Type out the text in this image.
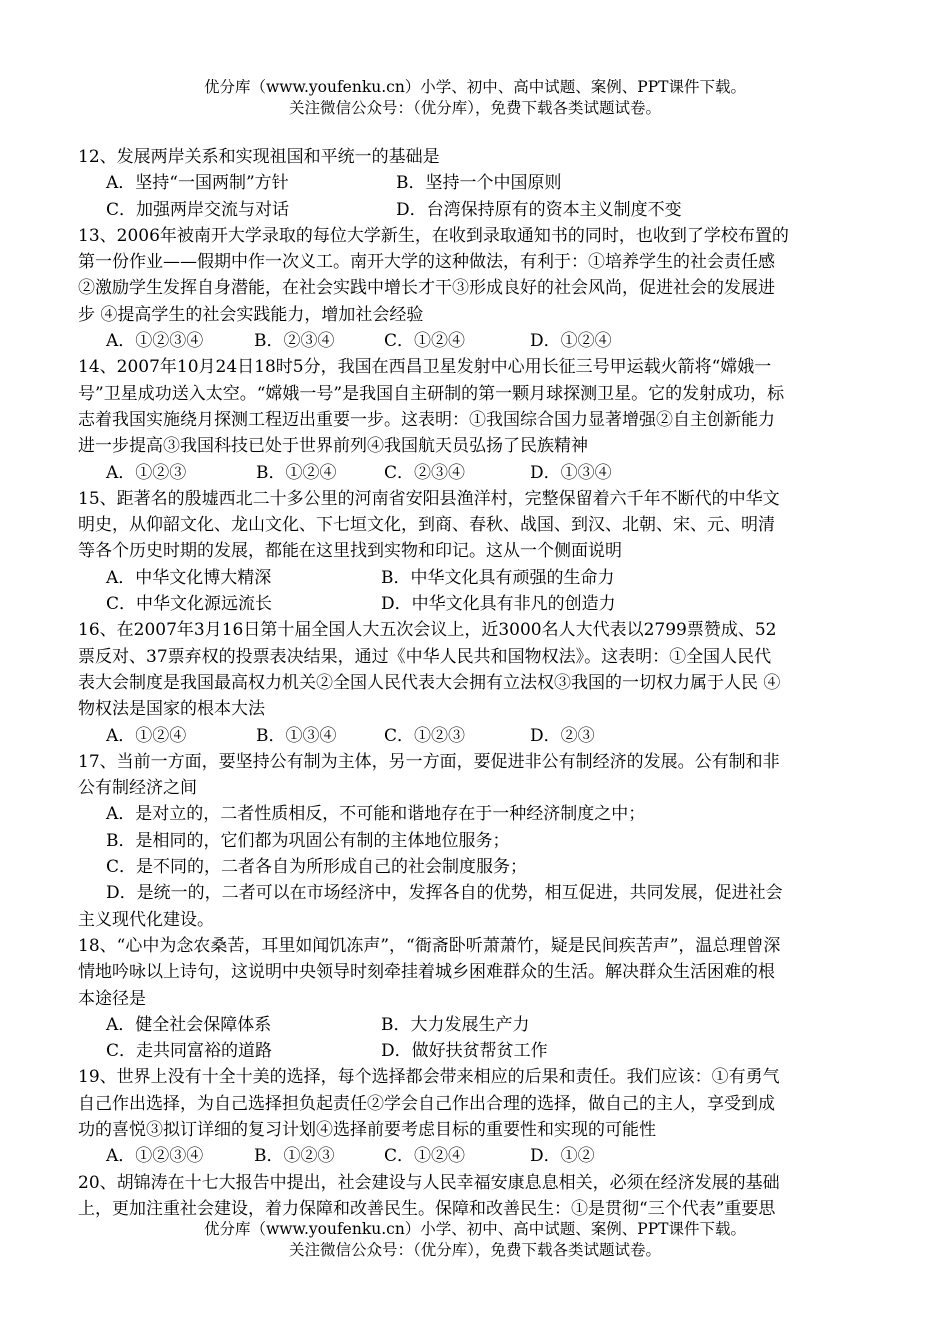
优分库（www.youfenku.cn）小学、初中、高中试题、案例、PPT课件下载。
关注微信公众号：（优分库），免费下载各类试题试卷。
12、发展两岸关系和实现祖国和平统一的基础是
A．坚持“一国两制”方针	B．坚持一个中国原则
C．加强两岸交流与对话	D．台湾保持原有的资本主义制度不变
13、2006年被南开大学录取的每位大学新生，在收到录取通知书的同时，也收到了学校布置的
第一份作业——假期中作一次义工。南开大学的这种做法，有利于：①培养学生的社会责任感
②激励学生发挥自身潜能，在社会实践中增长才干③形成良好的社会风尚，促进社会的发展进
步 ④提高学生的社会实践能力，增加社会经验
A．①②③④	B．②③④	C．①②④	D．①②④
14、2007年10月24日18时5分，我国在西昌卫星发射中心用长征三号甲运载火箭将“嫦娥一
号”卫星成功送入太空。“嫦娥一号”是我国自主研制的第一颗月球探测卫星。它的发射成功，标
志着我国实施绕月探测工程迈出重要一步。这表明：①我国综合国力显著增强②自主创新能力
进一步提高③我国科技已处于世界前列④我国航天员弘扬了民族精神
A．①②③	B．①②④	C．②③④	D．①③④
15、距著名的殷墟西北二十多公里的河南省安阳县渔洋村，完整保留着六千年不断代的中华文
明史，从仰韶文化、龙山文化、下七垣文化，到商、春秋、战国、到汉、北朝、宋、元、明清
等各个历史时期的发展，都能在这里找到实物和印记。这从一个侧面说明
A．中华文化博大精深	B．中华文化具有顽强的生命力
C．中华文化源远流长	D．中华文化具有非凡的创造力
16、在2007年3月16日第十届全国人大五次会议上，近3000名人大代表以2799票赞成、52
票反对、37票弃权的投票表决结果，通过《中华人民共和国物权法》。这表明：①全国人民代
表大会制度是我国最高权力机关②全国人民代表大会拥有立法权③我国的一切权力属于人民 ④
物权法是国家的根本大法
A．①②④	B．①③④	C．①②③	D．②③
17、当前一方面，要坚持公有制为主体，另一方面，要促进非公有制经济的发展。公有制和非
公有制经济之间
A．是对立的，二者性质相反，不可能和谐地存在于一种经济制度之中；
B．是相同的，它们都为巩固公有制的主体地位服务；
C．是不同的，二者各自为所形成自己的社会制度服务；
D．是统一的，二者可以在市场经济中，发挥各自的优势，相互促进，共同发展，促进社会
主义现代化建设。
18、“心中为念农桑苦，耳里如闻饥冻声”，“衙斋卧听萧萧竹，疑是民间疾苦声”，温总理曾深
情地吟咏以上诗句，这说明中央领导时刻牵挂着城乡困难群众的生活。解决群众生活困难的根
本途径是
A．健全社会保障体系	B．大力发展生产力
C．走共同富裕的道路	D．做好扶贫帮贫工作
19、世界上没有十全十美的选择，每个选择都会带来相应的后果和责任。我们应该：①有勇气
自己作出选择，为自己选择担负起责任②学会自己作出合理的选择，做自己的主人，享受到成
功的喜悦③拟订详细的复习计划④选择前要考虑目标的重要性和实现的可能性
A．①②③④	B．①②③	C．①②④	D．①②
20、胡锦涛在十七大报告中提出，社会建设与人民幸福安康息息相关，必须在经济发展的基础
上，更加注重社会建设，着力保障和改善民生。保障和改善民生：①是贯彻“三个代表”重要思
优分库（www.youfenku.cn）小学、初中、高中试题、案例、PPT课件下载。
关注微信公众号：（优分库），免费下载各类试题试卷。
